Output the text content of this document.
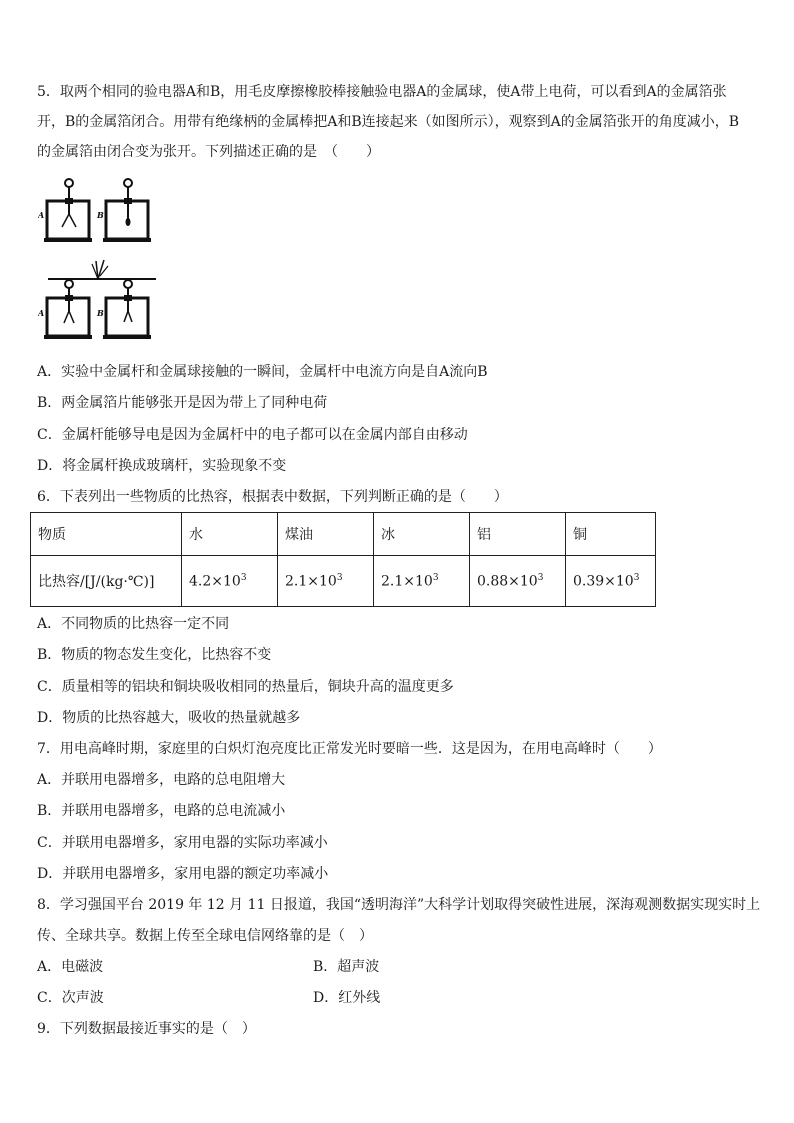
5．取两个相同的验电器A和B，用毛皮摩擦橡胶棒接触验电器A的金属球，使A带上电荷，可以看到A的金属箔张
开，B的金属箔闭合。用带有绝缘柄的金属棒把A和B连接起来（如图所示），观察到A的金属箔张开的角度减小，B
的金属箔由闭合变为张开。下列描述正确的是　（　　）
A	B
A	B
A．实验中金属杆和金属球接触的一瞬间，金属杆中电流方向是自A流向B
B．两金属箔片能够张开是因为带上了同种电荷
C．金属杆能够导电是因为金属杆中的电子都可以在金属内部自由移动
D．将金属杆换成玻璃杆，实验现象不变
6．下表列出一些物质的比热容，根据表中数据，下列判断正确的是（　　）
物质	水	煤油	冰	铝	铜
比热容/[J/(kg·℃)]	$4.2\times 10^3$	$2.1\times 10^3$	$2.1\times 10^3$	$0.88\times 10^3$	$0.39\times 10^3$
A．不同物质的比热容一定不同
B．物质的物态发生变化，比热容不变
C．质量相等的铝块和铜块吸收相同的热量后，铜块升高的温度更多
D．物质的比热容越大，吸收的热量就越多
7．用电高峰时期，家庭里的白炽灯泡亮度比正常发光时要暗一些．这是因为，在用电高峰时（　　）
A．并联用电器增多，电路的总电阻增大
B．并联用电器增多，电路的总电流减小
C．并联用电器增多，家用电器的实际功率减小
D．并联用电器增多，家用电器的额定功率减小
8．学习强国平台 2019 年 12 月 11 日报道，我国“透明海洋”大科学计划取得突破性进展，深海观测数据实现实时上
传、全球共享。数据上传至全球电信网络靠的是（　）
A．电磁波	B．超声波
C．次声波	D．红外线
9．下列数据最接近事实的是（　）
